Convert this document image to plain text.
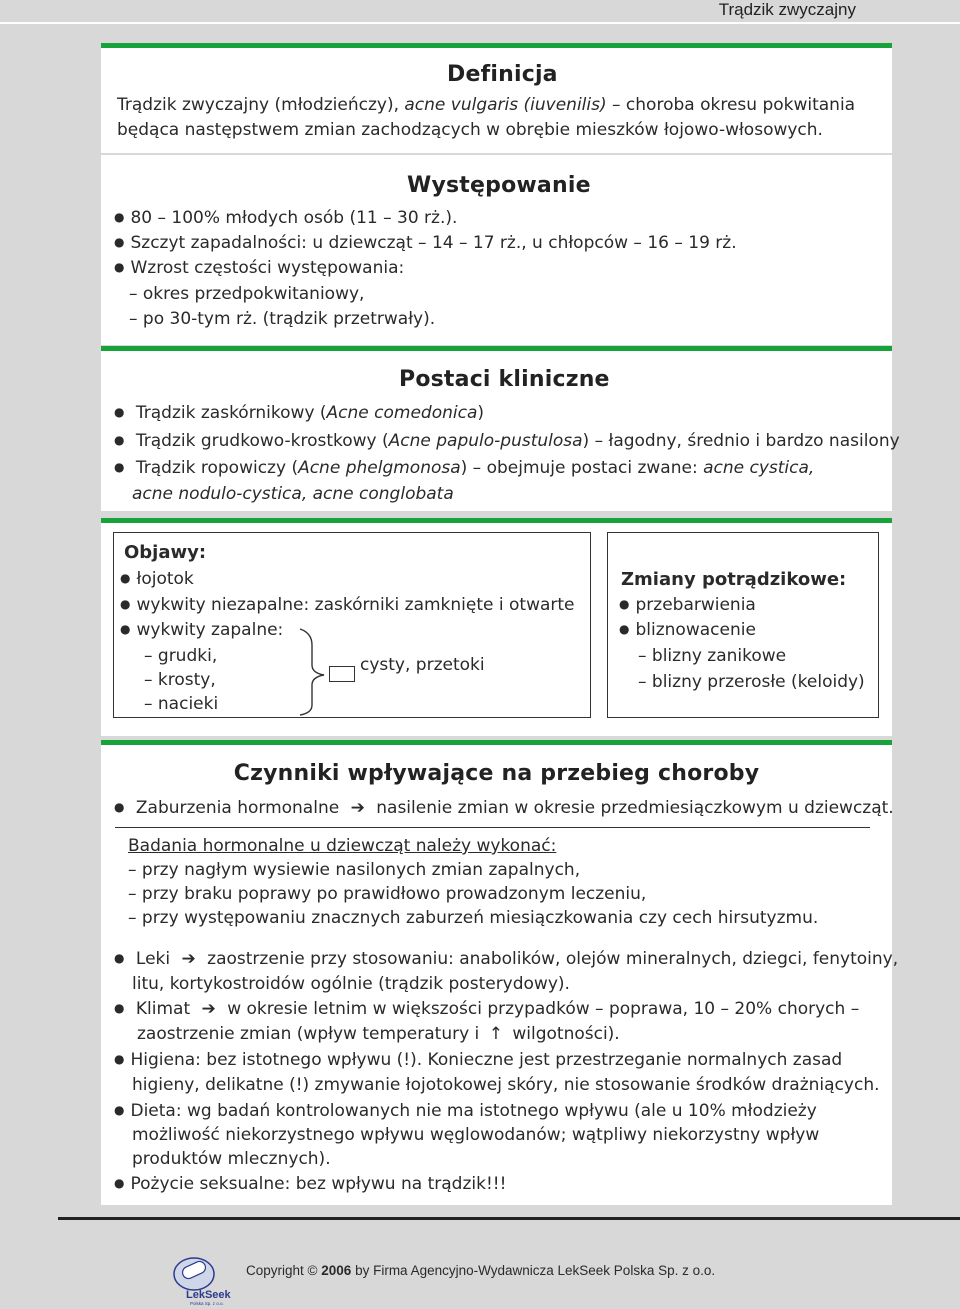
Trądzik zwyczajny
Definicja
Trądzik zwyczajny (młodzieńczy), acne vulgaris (iuvenilis) – choroba okresu pokwitania
będąca następstwem zmian zachodzących w obrębie mieszków łojowo-włosowych.
Występowanie
● 80 – 100% młodych osób (11 – 30 rż.).
● Szczyt zapadalności: u dziewcząt – 14 – 17 rż., u chłopców – 16 – 19 rż.
● Wzrost częstości występowania:
– okres przedpokwitaniowy,
– po 30-tym rż. (trądzik przetrwały).
Postaci kliniczne
● Trądzik zaskórnikowy (Acne comedonica)
● Trądzik grudkowo-krostkowy (Acne papulo-pustulosa) – łagodny, średnio i bardzo nasilony
● Trądzik ropowiczy (Acne phelgmonosa) – obejmuje postaci zwane: acne cystica,
acne nodulo-cystica, acne conglobata
Objawy:
● łojotok
● wykwity niezapalne: zaskórniki zamknięte i otwarte
● wykwity zapalne:
– grudki,
– krosty,
– nacieki
cysty, przetoki
Zmiany potrądzikowe:
● przebarwienia
● bliznowacenie
– blizny zanikowe
– blizny przerosłe (keloidy)
Czynniki wpływające na przebieg choroby
● Zaburzenia hormonalne ➔ nasilenie zmian w okresie przedmiesiączkowym u dziewcząt.
Badania hormonalne u dziewcząt należy wykonać:
– przy nagłym wysiewie nasilonych zmian zapalnych,
– przy braku poprawy po prawidłowo prowadzonym leczeniu,
– przy występowaniu znacznych zaburzeń miesiączkowania czy cech hirsutyzmu.
● Leki ➔ zaostrzenie przy stosowaniu: anabolików, olejów mineralnych, dziegci, fenytoiny,
litu, kortykostroidów ogólnie (trądzik posterydowy).
● Klimat ➔ w okresie letnim w większości przypadków – poprawa, 10 – 20% chorych –
zaostrzenie zmian (wpływ temperatury i ↑ wilgotności).
● Higiena: bez istotnego wpływu (!). Konieczne jest przestrzeganie normalnych zasad
higieny, delikatne (!) zmywanie łojotokowej skóry, nie stosowanie środków drażniących.
● Dieta: wg badań kontrolowanych nie ma istotnego wpływu (ale u 10% młodzieży
możliwość niekorzystnego wpływu węglowodanów; wątpliwy niekorzystny wpływ
produktów mlecznych).
● Pożycie seksualne: bez wpływu na trądzik!!!
LekSeek
Polska Sp. z o.o.
Copyright © 2006 by Firma Agencyjno-Wydawnicza LekSeek Polska Sp. z o.o.
